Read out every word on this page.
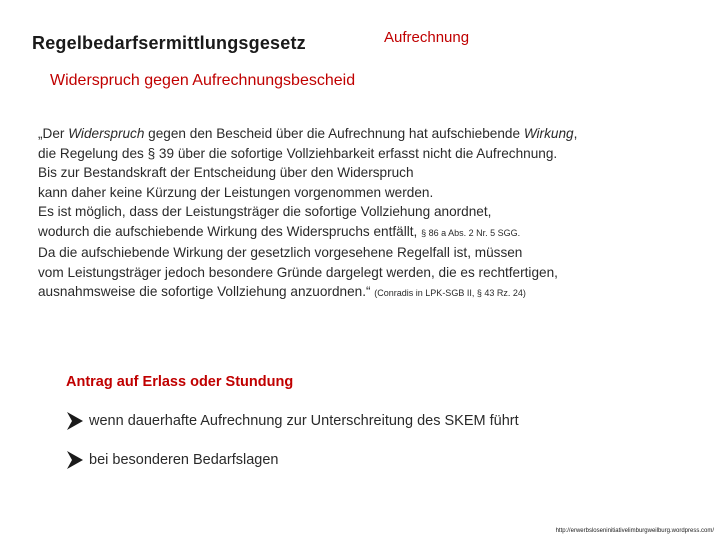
Regelbedarfsermittlungsgesetz	Aufrechnung
Widerspruch gegen Aufrechnungsbescheid
„Der Widerspruch gegen den Bescheid über die Aufrechnung hat aufschiebende Wirkung,
die Regelung des § 39 über die sofortige Vollziehbarkeit erfasst nicht die Aufrechnung.
Bis zur Bestandskraft der Entscheidung über den Widerspruch
kann daher keine Kürzung der Leistungen vorgenommen werden.
Es ist möglich, dass der Leistungsträger die sofortige Vollziehung anordnet,
wodurch die aufschiebende Wirkung des Widerspruchs entfällt, § 86 a Abs. 2 Nr. 5 SGG.
Da die aufschiebende Wirkung der gesetzlich vorgesehene Regelfall ist, müssen
vom Leistungsträger jedoch besondere Gründe dargelegt werden, die es rechtfertigen,
ausnahmsweise die sofortige Vollziehung anzuordnen.“ (Conradis in LPK-SGB II, § 43 Rz. 24)
Antrag auf Erlass oder Stundung
wenn dauerhafte Aufrechnung zur Unterschreitung des SKEM führt
bei besonderen Bedarfslagen
http://erwerbsloseninitiativelimburgweilburg.wordpress.com/
